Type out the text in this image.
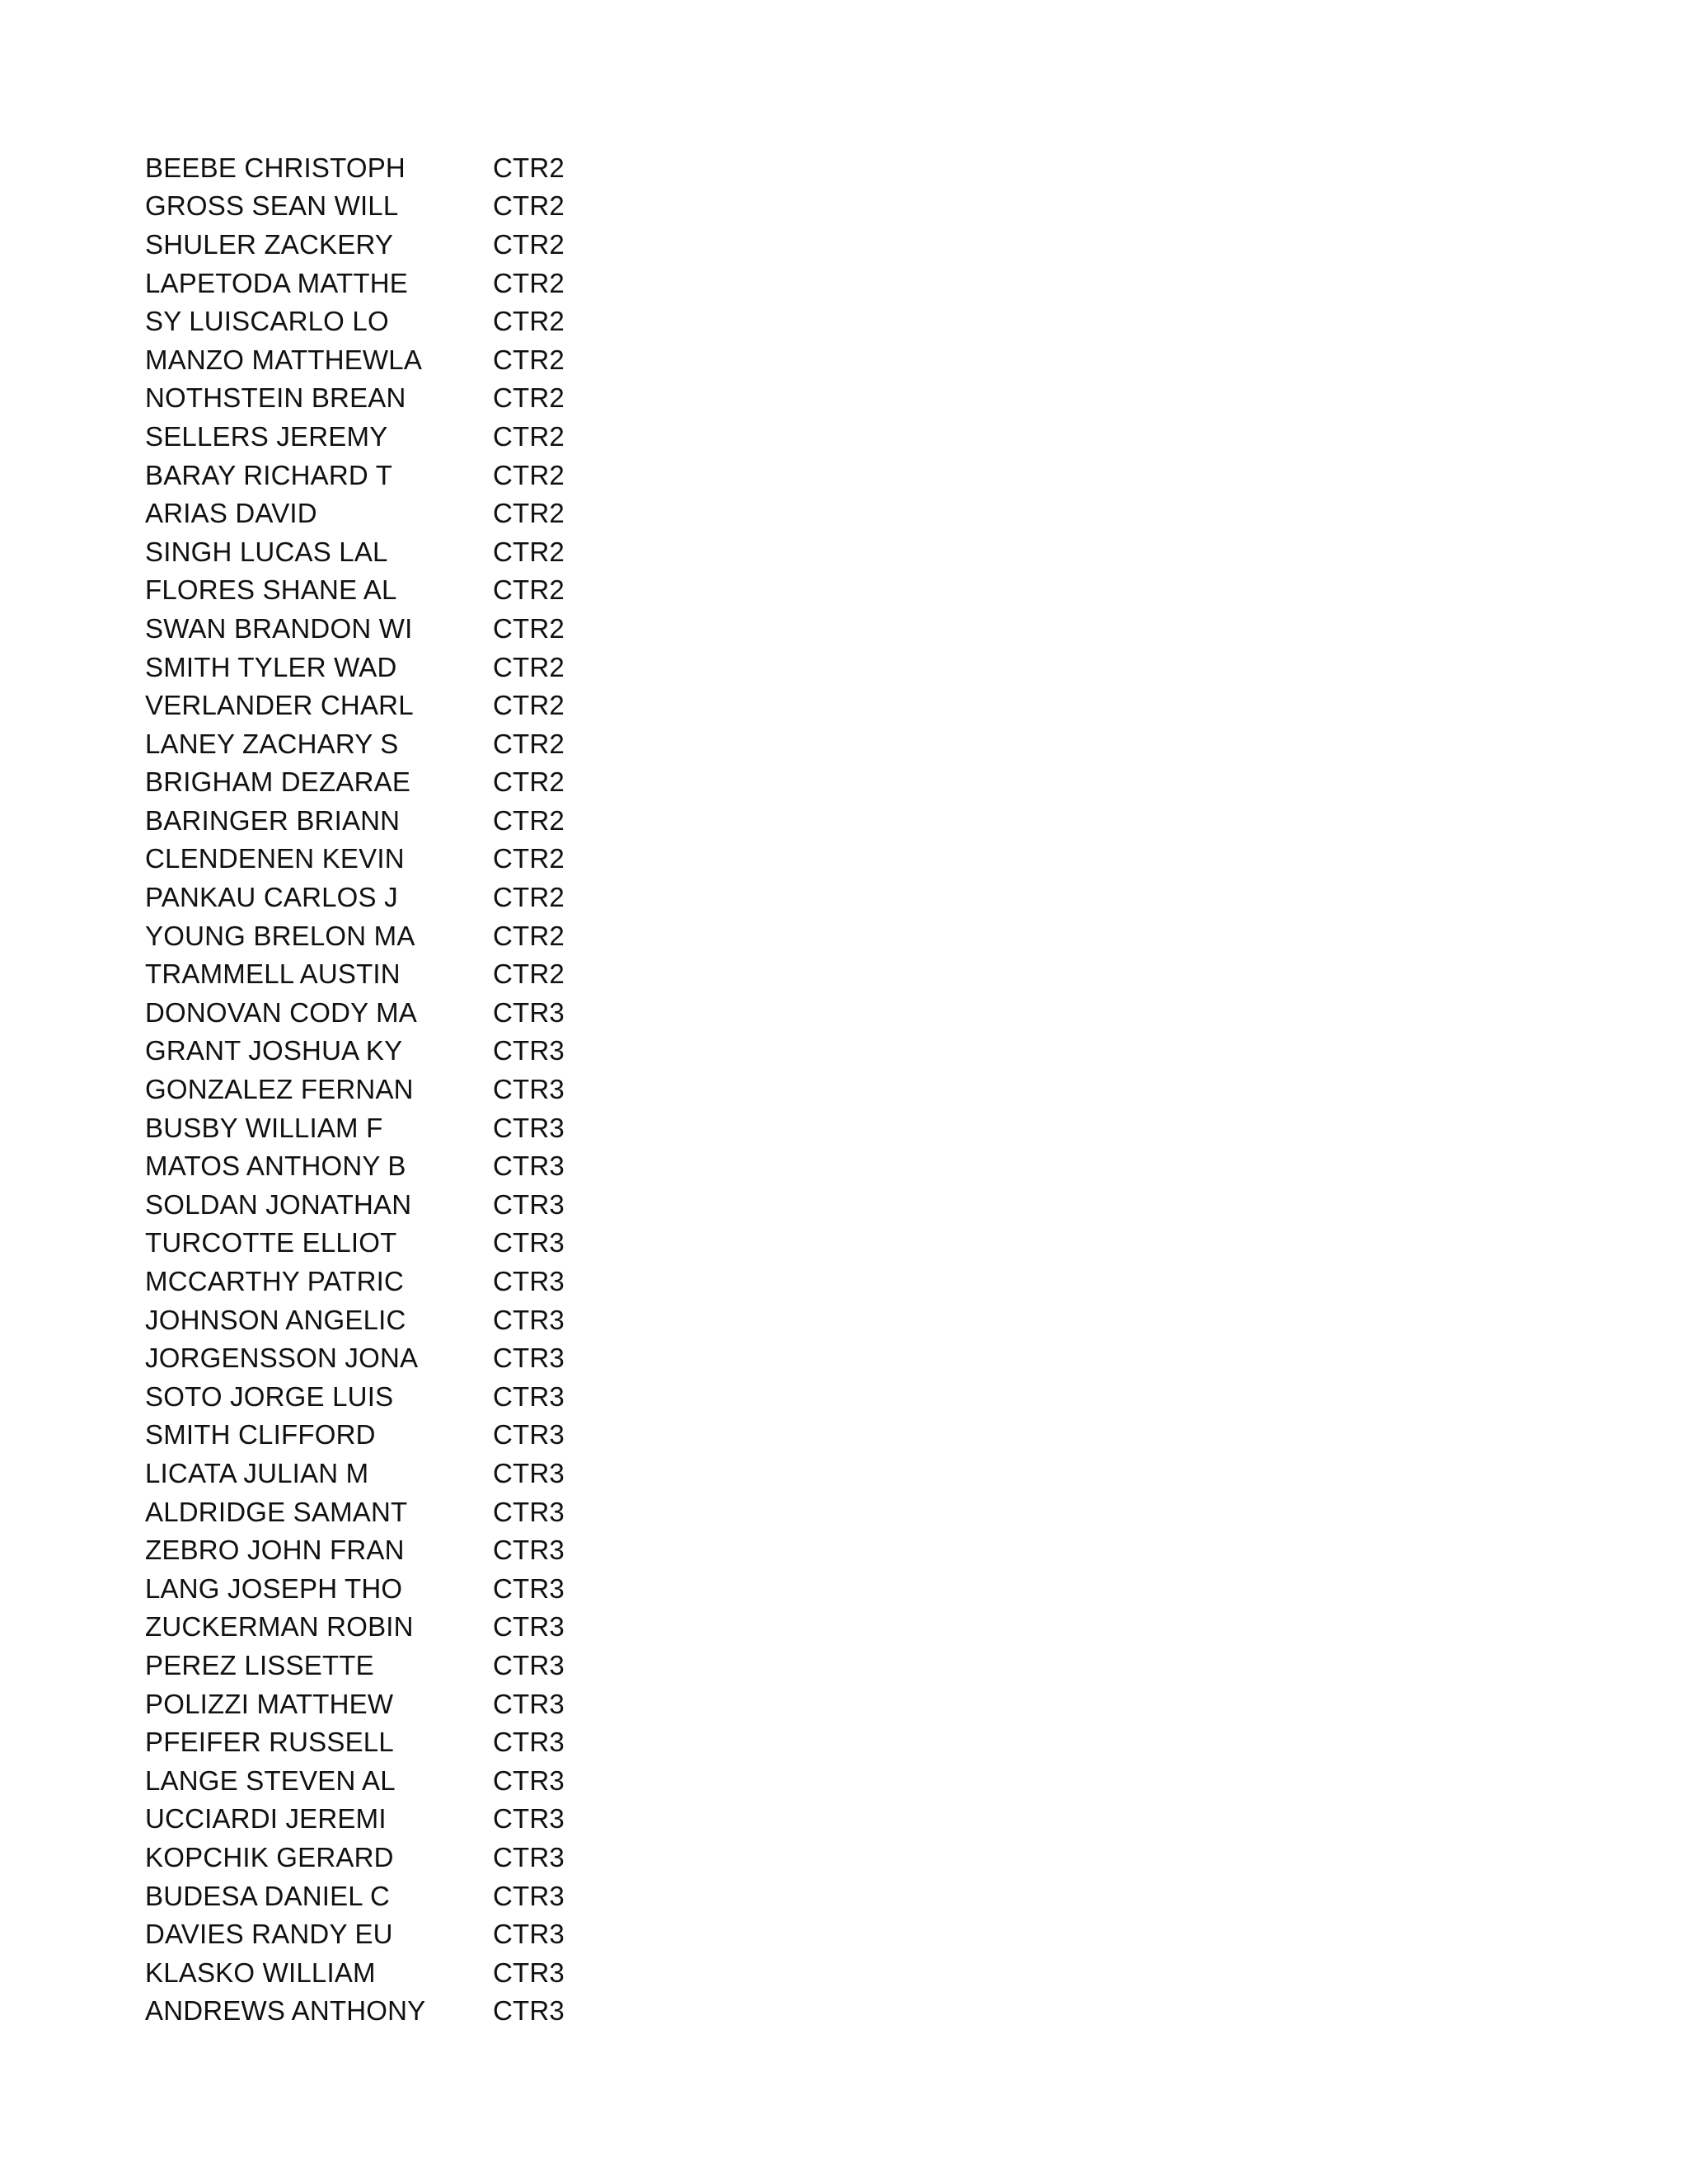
BEEBE CHRISTOPH	CTR2
GROSS SEAN WILL	CTR2
SHULER ZACKERY	CTR2
LAPETODA MATTHE	CTR2
SY LUISCARLO LO	CTR2
MANZO MATTHEWLA	CTR2
NOTHSTEIN BREAN	CTR2
SELLERS JEREMY	CTR2
BARAY RICHARD T	CTR2
ARIAS DAVID	CTR2
SINGH LUCAS LAL	CTR2
FLORES SHANE AL	CTR2
SWAN BRANDON WI	CTR2
SMITH TYLER WAD	CTR2
VERLANDER CHARL	CTR2
LANEY ZACHARY S	CTR2
BRIGHAM DEZARAE	CTR2
BARINGER BRIANN	CTR2
CLENDENEN KEVIN	CTR2
PANKAU CARLOS J	CTR2
YOUNG BRELON MA	CTR2
TRAMMELL AUSTIN	CTR2
DONOVAN CODY MA	CTR3
GRANT JOSHUA KY	CTR3
GONZALEZ FERNAN	CTR3
BUSBY WILLIAM F	CTR3
MATOS ANTHONY B	CTR3
SOLDAN JONATHAN	CTR3
TURCOTTE ELLIOT	CTR3
MCCARTHY PATRIC	CTR3
JOHNSON ANGELIC	CTR3
JORGENSSON JONA	CTR3
SOTO JORGE LUIS	CTR3
SMITH CLIFFORD	CTR3
LICATA JULIAN M	CTR3
ALDRIDGE SAMANT	CTR3
ZEBRO JOHN FRAN	CTR3
LANG JOSEPH THO	CTR3
ZUCKERMAN ROBIN	CTR3
PEREZ LISSETTE	CTR3
POLIZZI MATTHEW	CTR3
PFEIFER RUSSELL	CTR3
LANGE STEVEN AL	CTR3
UCCIARDI JEREMI	CTR3
KOPCHIK GERARD	CTR3
BUDESA DANIEL C	CTR3
DAVIES RANDY EU	CTR3
KLASKO WILLIAM	CTR3
ANDREWS ANTHONY	CTR3
